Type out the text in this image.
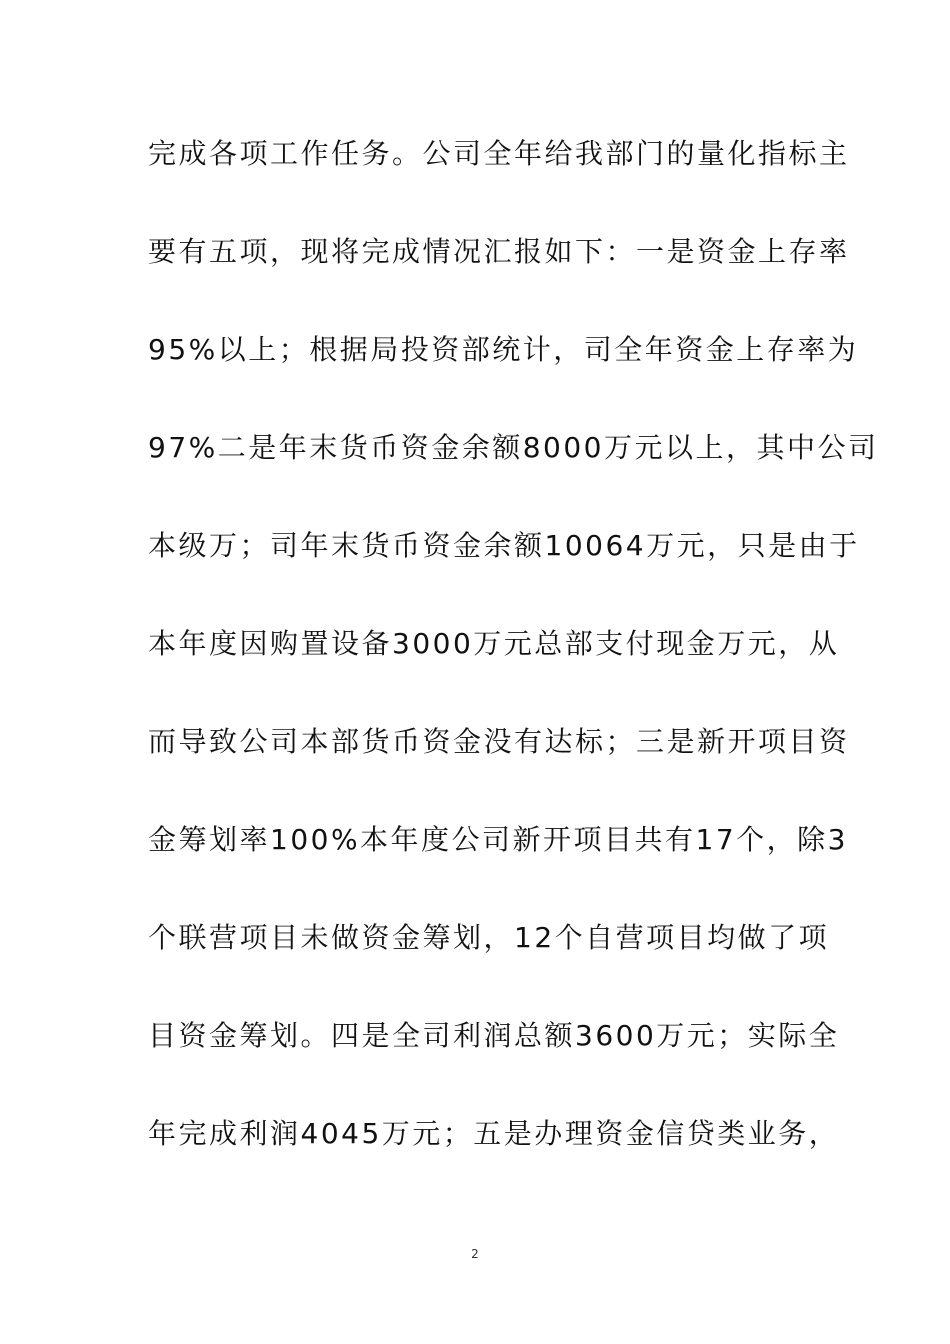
完成各项工作任务。公司全年给我部门的量化指标主
要有五项，现将完成情况汇报如下：一是资金上存率
95%以上；根据局投资部统计，司全年资金上存率为
97%二是年末货币资金余额8000万元以上，其中公司
本级万；司年末货币资金余额10064万元，只是由于
本年度因购置设备3000万元总部支付现金万元，从
而导致公司本部货币资金没有达标；三是新开项目资
金筹划率100%本年度公司新开项目共有17个，除3
个联营项目未做资金筹划，12个自营项目均做了项
目资金筹划。四是全司利润总额3600万元；实际全
年完成利润4045万元；五是办理资金信贷类业务，
2
